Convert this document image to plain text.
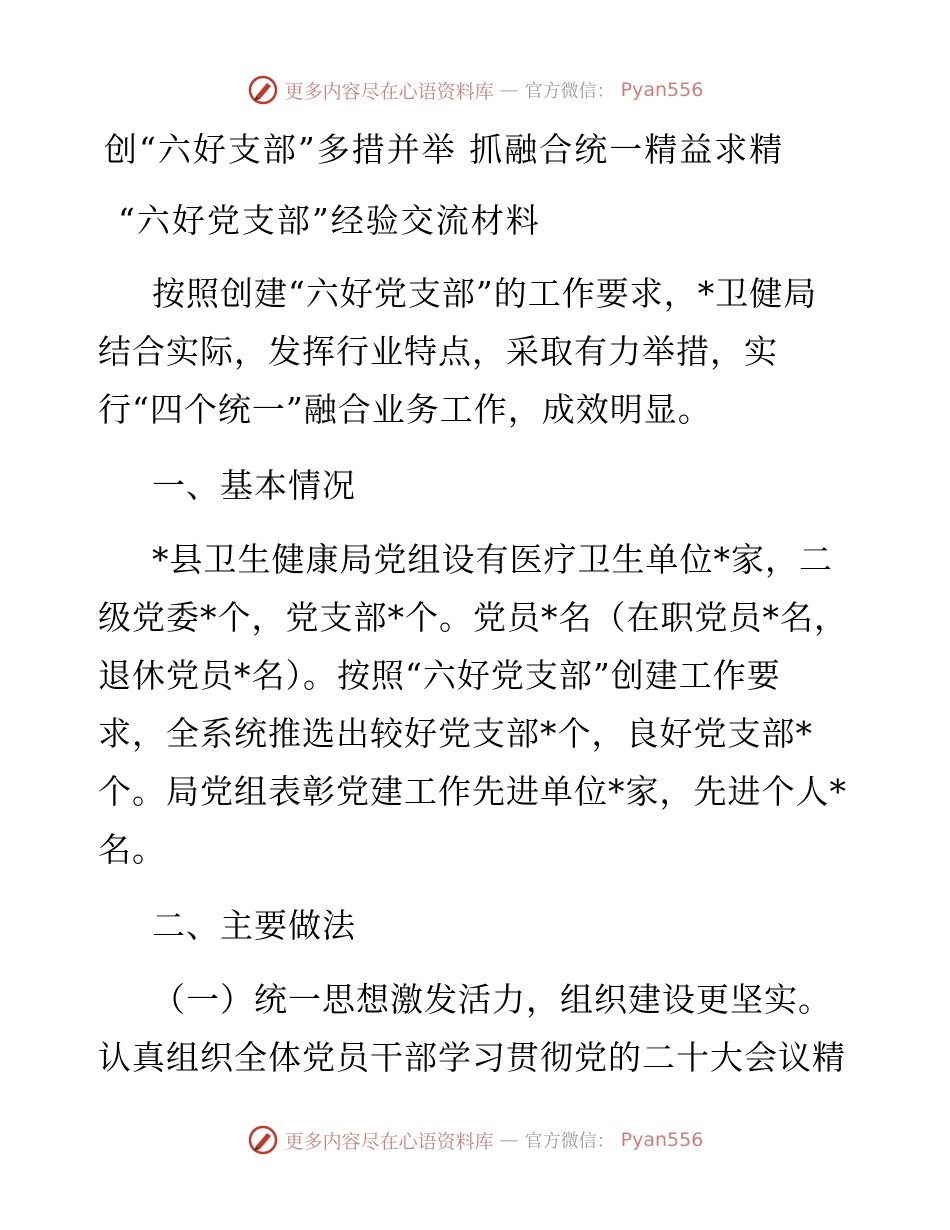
更多内容尽在心语资料库 — 官方微信： Pyan556
创“六好支部”多措并举 抓融合统一精益求精
“六好党支部”经验交流材料
按照创建“六好党支部”的工作要求，*卫健局
结合实际，发挥行业特点，采取有力举措，实
行“四个统一”融合业务工作，成效明显。
一、基本情况
*县卫生健康局党组设有医疗卫生单位*家，二
级党委*个，党支部*个。党员*名（在职党员*名，
退休党员*名）。按照“六好党支部”创建工作要
求，全系统推选出较好党支部*个，良好党支部*
个。局党组表彰党建工作先进单位*家，先进个人*
名。
二、主要做法
（一）统一思想激发活力，组织建设更坚实。
认真组织全体党员干部学习贯彻党的二十大会议精
更多内容尽在心语资料库 — 官方微信： Pyan556
